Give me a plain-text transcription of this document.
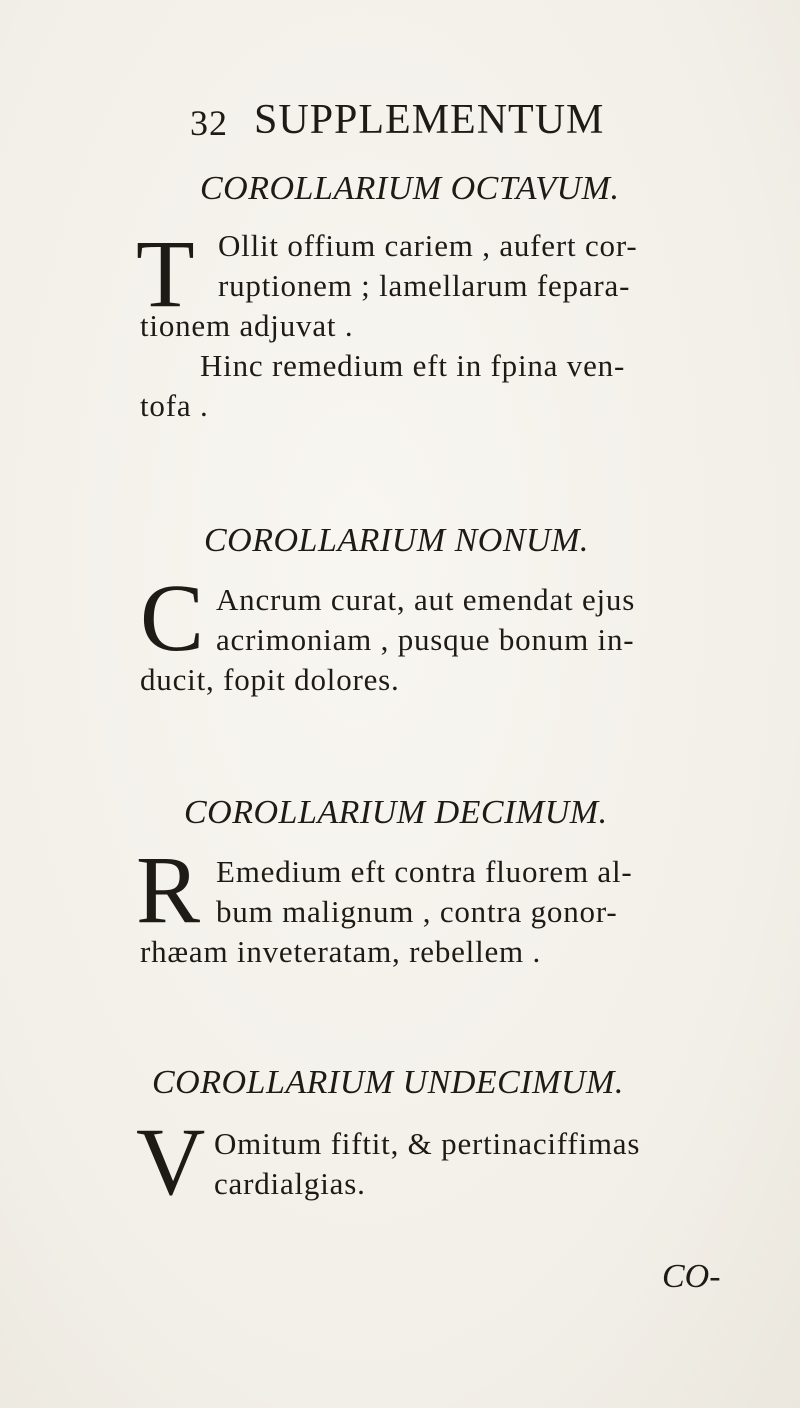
32 SUPPLEMENTUM
COROLLARIUM OCTAVUM.
T Ollit offium cariem , aufert cor-
ruptionem ; lamellarum fepara-
tionem adjuvat .
Hinc remedium eft in fpina ven-
tofa .
COROLLARIUM NONUM.
C Ancrum curat, aut emendat ejus
acrimoniam , pusque bonum in-
ducit, fopit dolores.
COROLLARIUM DECIMUM.
R Emedium eft contra fluorem al-
bum malignum , contra gonor-
rhæam inveteratam, rebellem .
COROLLARIUM UNDECIMUM.
V Omitum fiftit, & pertinaciffimas
cardialgias.
CO-
